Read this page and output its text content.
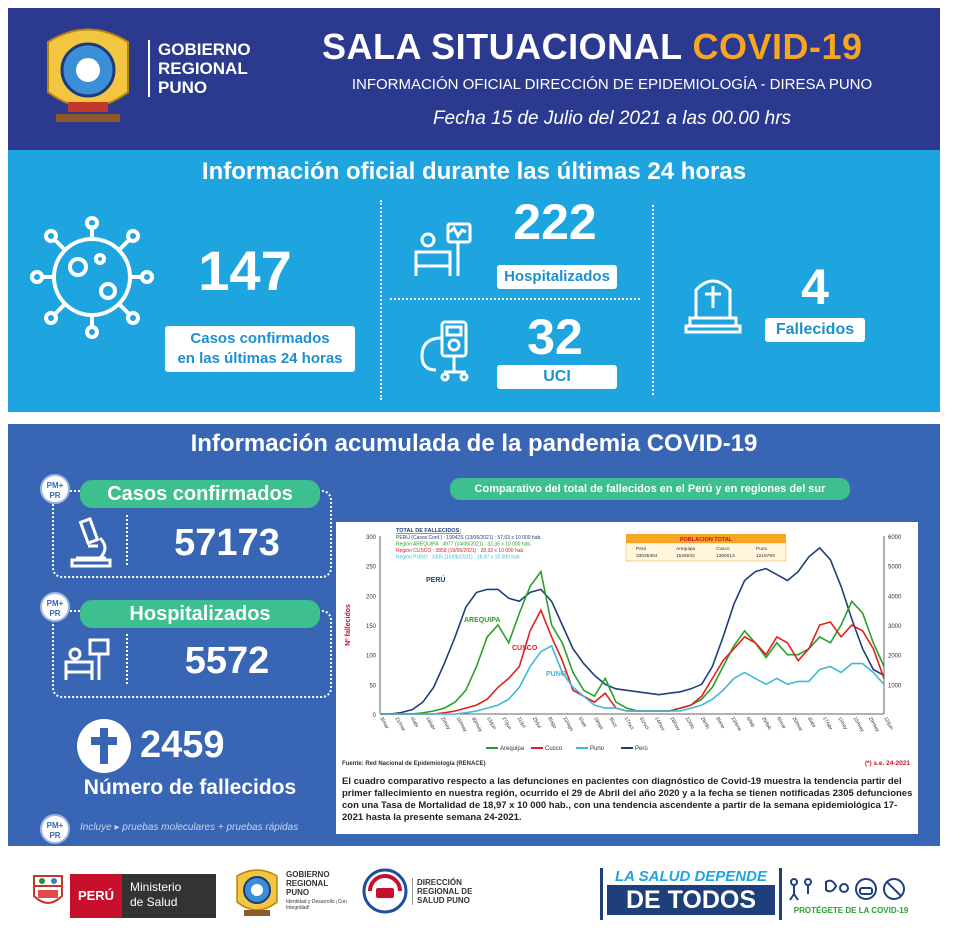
GOBIERNO
REGIONAL
PUNO
SALA SITUACIONAL COVID-19
INFORMACIÓN OFICIAL DIRECCIÓN DE EPIDEMIOLOGÍA - DIRESA PUNO
Fecha 15 de Julio del 2021 a las 00.00 hrs
Información oficial durante las últimas 24 horas
147
Casos confirmados
en las últimas 24 horas
222
Hospitalizados
32
UCI
4
Fallecidos
Información acumulada de la pandemia COVID-19
Casos confirmados
PM+ PR
57173
Hospitalizados
PM+ PR
5572
2459
Número de fallecidos
PM+ PR
Incluye ▸ pruebas moleculares + pruebas rápidas
Comparativo del total de fallecidos en el Perú y en regiones del sur
0
50
100
150
200
250
300
1000
2000
3000
4000
5000
6000
Nº fallecidos
3/mar 21/mar 4/abr 18/abr 2/may 16/may 30/may 13/jun 27/jun 11/jul 25/jul 8/ago 22/ago 5/set 19/set 3/oct 17/oct 31/oct 14/nov 28/nov 12/dic 26/dic 9/ene 23/ene 6/feb 20/feb 6/mar 20/mar 3/abr 17/abr 1/may 15/may 29/may 12/jun
PERÚ
AREQUIPA
CUSCO
PUNO
TOTAL DE FALLECIDOS:
PERÚ (Casos Conf.) : 19042S (13/06/2021) : 57,63 x 10 000 hab.
Región AREQUIPA : 4977 (14/06/2021) : 32,36 x 10 000 hab.
Región CUSCO : 3858 (19/06/2021) : 28,32 x 10 000 hab.
Región PUNO : 2305 (15/06/2021) : 18,97 x 10 000 hab.
POBLACION TOTAL
Perú
33035304
Arequipa
1525042
Cusco
1360013
Puno
1215793
Arequipa	Cusco	Puno	Perú
Fuente: Red Nacional de Epidemiología (RENACE)	(*) s.e. 24-2021
El cuadro comparativo respecto a las defunciones en pacientes con diagnóstico de Covid-19 muestra la tendencia partir del primer fallecimiento en nuestra región, ocurrido el 29 de Abril del año 2020 y a la fecha se tienen notificadas 2305 defunciones con una Tasa de Mortalidad de 18,97 x 10 000 hab., con una tendencia ascendente a partir de la semana epidemiológica 17-2021 hasta la presente semana 24-2021.
PERÚ
Ministerio
de Salud
GOBIERNO
REGIONAL
PUNO
Identidad y Desarrollo ¡Con Integridad!
DIRECCIÓN
REGIONAL DE
SALUD PUNO
LA SALUD DEPENDE
DE TODOS	PROTÉGETE DE LA COVID-19
